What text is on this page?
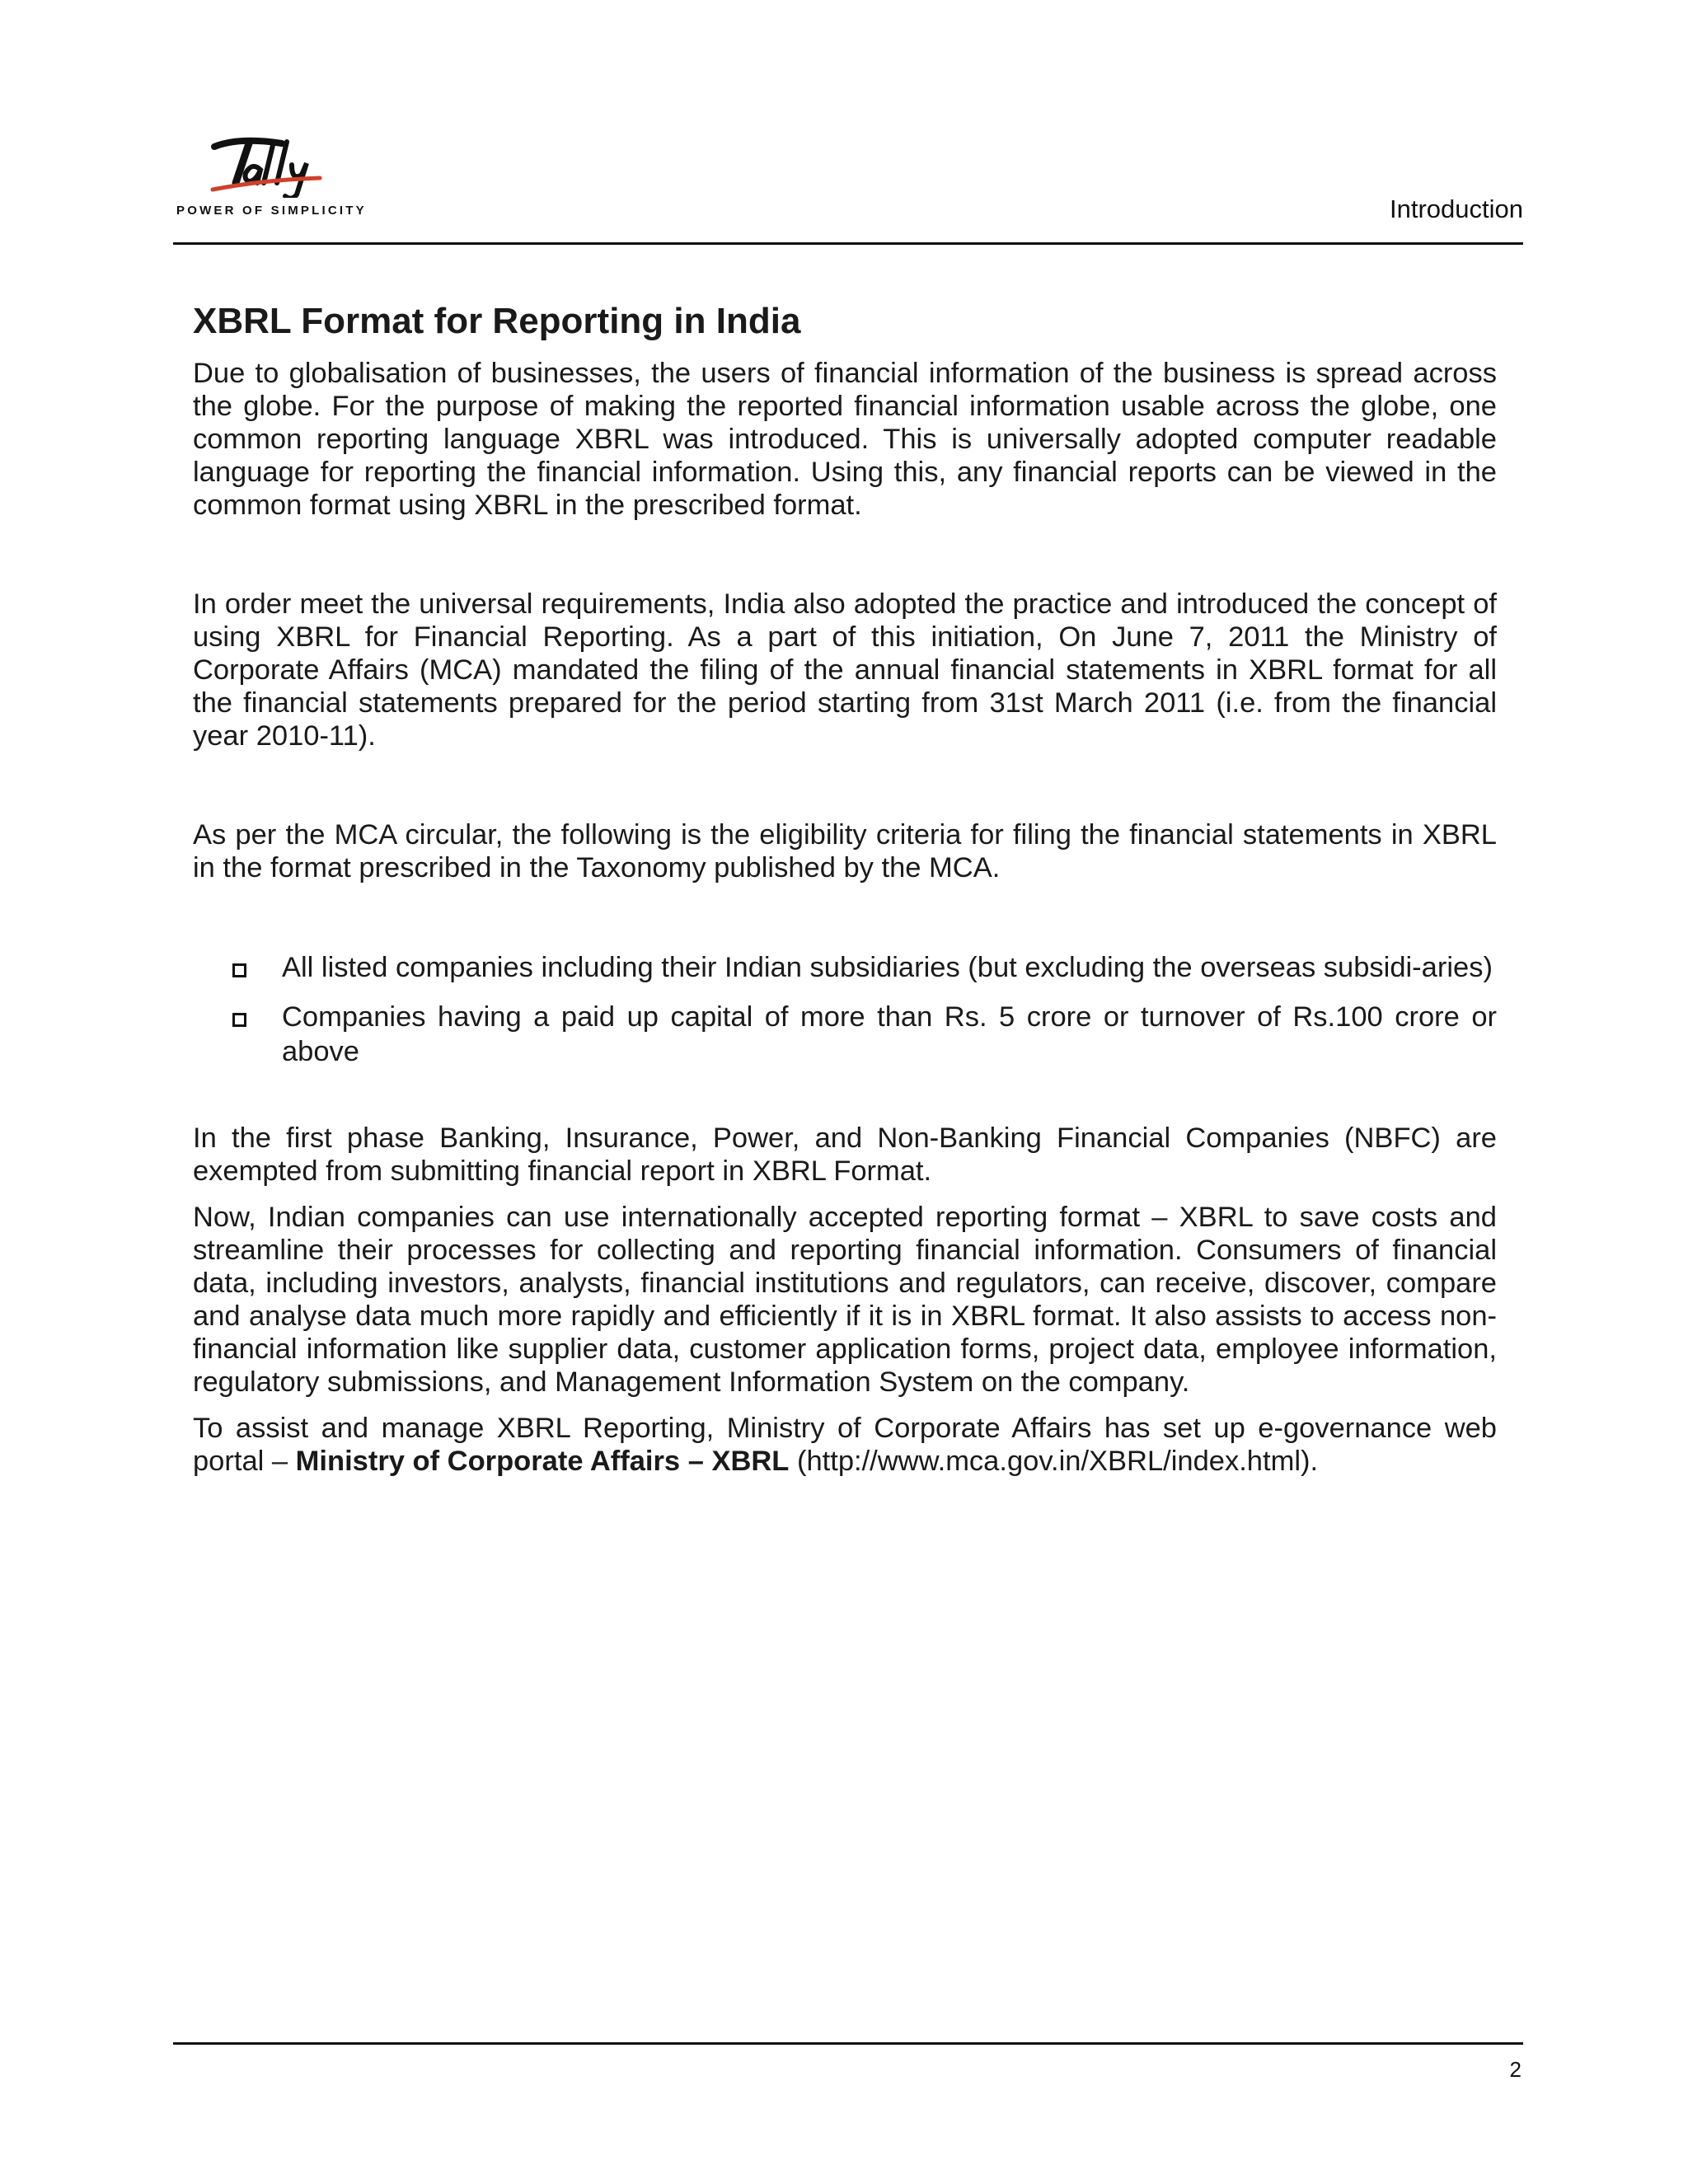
POWER OF SIMPLICITY	Introduction
XBRL Format for Reporting in India

Due to globalisation of businesses, the users of financial information of the business is spread across the globe. For the purpose of making the reported financial information usable across the globe, one common reporting language XBRL was introduced. This is universally adopted computer readable language for reporting the financial information. Using this, any financial reports can be viewed in the common format using XBRL in the prescribed format.

In order meet the universal requirements, India also adopted the practice and introduced the concept of using XBRL for Financial Reporting. As a part of this initiation, On June 7, 2011 the Ministry of Corporate Affairs (MCA) mandated the filing of the annual financial statements in XBRL format for all the financial statements prepared for the period starting from 31st March 2011 (i.e. from the financial year 2010-11).

As per the MCA circular, the following is the eligibility criteria for filing the financial statements in XBRL in the format prescribed in the Taxonomy published by the MCA.

All listed companies including their Indian subsidiaries (but excluding the overseas subsidi-aries)
Companies having a paid up capital of more than Rs. 5 crore or turnover of Rs.100 crore or above

In the first phase Banking, Insurance, Power, and Non-Banking Financial Companies (NBFC) are exempted from submitting financial report in XBRL Format.

Now, Indian companies can use internationally accepted reporting format – XBRL to save costs and streamline their processes for collecting and reporting financial information. Consumers of financial data, including investors, analysts, financial institutions and regulators, can receive, discover, compare and analyse data much more rapidly and efficiently if it is in XBRL format. It also assists to access non-financial information like supplier data, customer application forms, project data, employee information, regulatory submissions, and Management Information System on the company.

To assist and manage XBRL Reporting, Ministry of Corporate Affairs has set up e-governance web portal – Ministry of Corporate Affairs – XBRL (http://www.mca.gov.in/XBRL/index.html).

2
